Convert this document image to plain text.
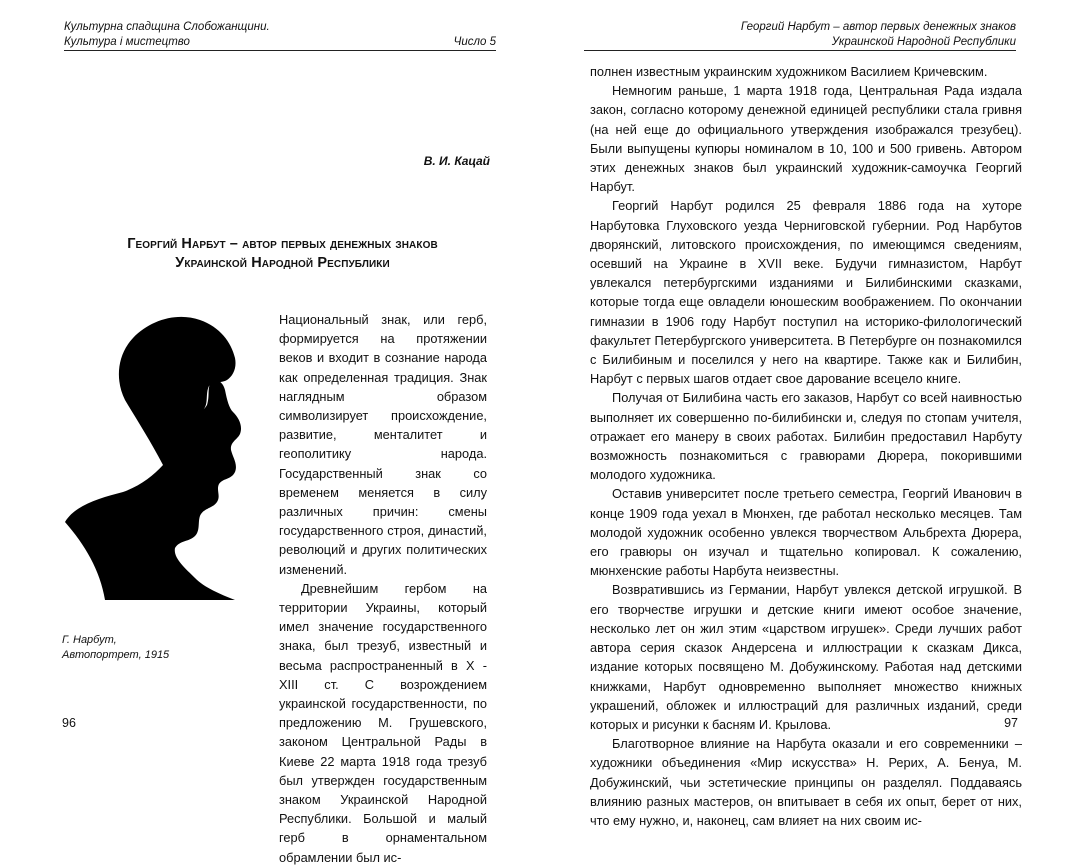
Культурна спадщина Слобожанщини.
Культура і мистецтво	Число 5
В. И. Кацай
Георгий Нарбут – автор первых денежных знаков
Украинской Народной Республики
Г. Нарбут,
Автопортрет, 1915

Национальный знак, или герб, формируется на протяжении веков и входит в сознание народа как определенная традиция. Знак наглядным образом символизирует происхождение, развитие, менталитет и геополитику народа. Государственный знак со временем меняется в силу различных причин: смены государственного строя, династий, революций и других политических изменений.

Древнейшим гербом на территории Украины, который имел значение государственного знака, был трезуб, известный и весьма распространенный в X - XIII ст. С возрождением украинской государственности, по предложению М. Грушевского, законом Центральной Рады в Киеве 22 марта 1918 года трезуб был утвержден государственным знаком Украинской Народной Республики. Большой и малый герб в орнаментальном обрамлении был ис-

96
Георгий Нарбут – автор первых денежных знаков
Украинской Народной Республики

полнен известным украинским художником Василием Кричевским.

Немногим раньше, 1 марта 1918 года, Центральная Рада издала закон, согласно которому денежной единицей республики стала гривня (на ней еще до официального утверждения изображался трезубец). Были выпущены купюры номиналом в 10, 100 и 500 гривень. Автором этих денежных знаков был украинский художник-самоучка Георгий Нарбут.

Георгий Нарбут родился 25 февраля 1886 года на хуторе Нарбутовка Глуховского уезда Черниговской губернии. Род Нарбутов дворянский, литовского происхождения, по имеющимся сведениям, осевший на Украине в XVII веке. Будучи гимназистом, Нарбут увлекался петербургскими изданиями и Билибинскими сказками, которые тогда еще овладели юношеским воображением. По окончании гимназии в 1906 году Нарбут поступил на историко-филологический факультет Петербургского университета. В Петербурге он познакомился с Билибиным и поселился у него на квартире. Также как и Билибин, Нарбут с первых шагов отдает свое дарование всецело книге.

Получая от Билибина часть его заказов, Нарбут со всей наивностью выполняет их совершенно по-билибински и, следуя по стопам учителя, отражает его манеру в своих работах. Билибин предоставил Нарбуту возможность познакомиться с гравюрами Дюрера, покорившими молодого художника.

Оставив университет после третьего семестра, Георгий Иванович в конце 1909 года уехал в Мюнхен, где работал несколько месяцев. Там молодой художник особенно увлекся творчеством Альбрехта Дюрера, его гравюры он изучал и тщательно копировал. К сожалению, мюнхенские работы Нарбута неизвестны.

Возвратившись из Германии, Нарбут увлекся детской игрушкой. В его творчестве игрушки и детские книги имеют особое значение, несколько лет он жил этим «царством игрушек». Среди лучших работ автора серия сказок Андерсена и иллюстрации к сказкам Дикса, издание которых посвящено М. Добужинскому. Работая над детскими книжками, Нарбут одновременно выполняет множество книжных украшений, обложек и иллюстраций для различных изданий, среди которых и рисунки к басням И. Крылова.

Благотворное влияние на Нарбута оказали и его современники – художники объединения «Мир искусства» Н. Рерих, А. Бенуа, М. Добужинский, чьи эстетические принципы он разделял. Поддаваясь влиянию разных мастеров, он впитывает в себя их опыт, берет от них, что ему нужно, и, наконец, сам влияет на них своим ис-

97
